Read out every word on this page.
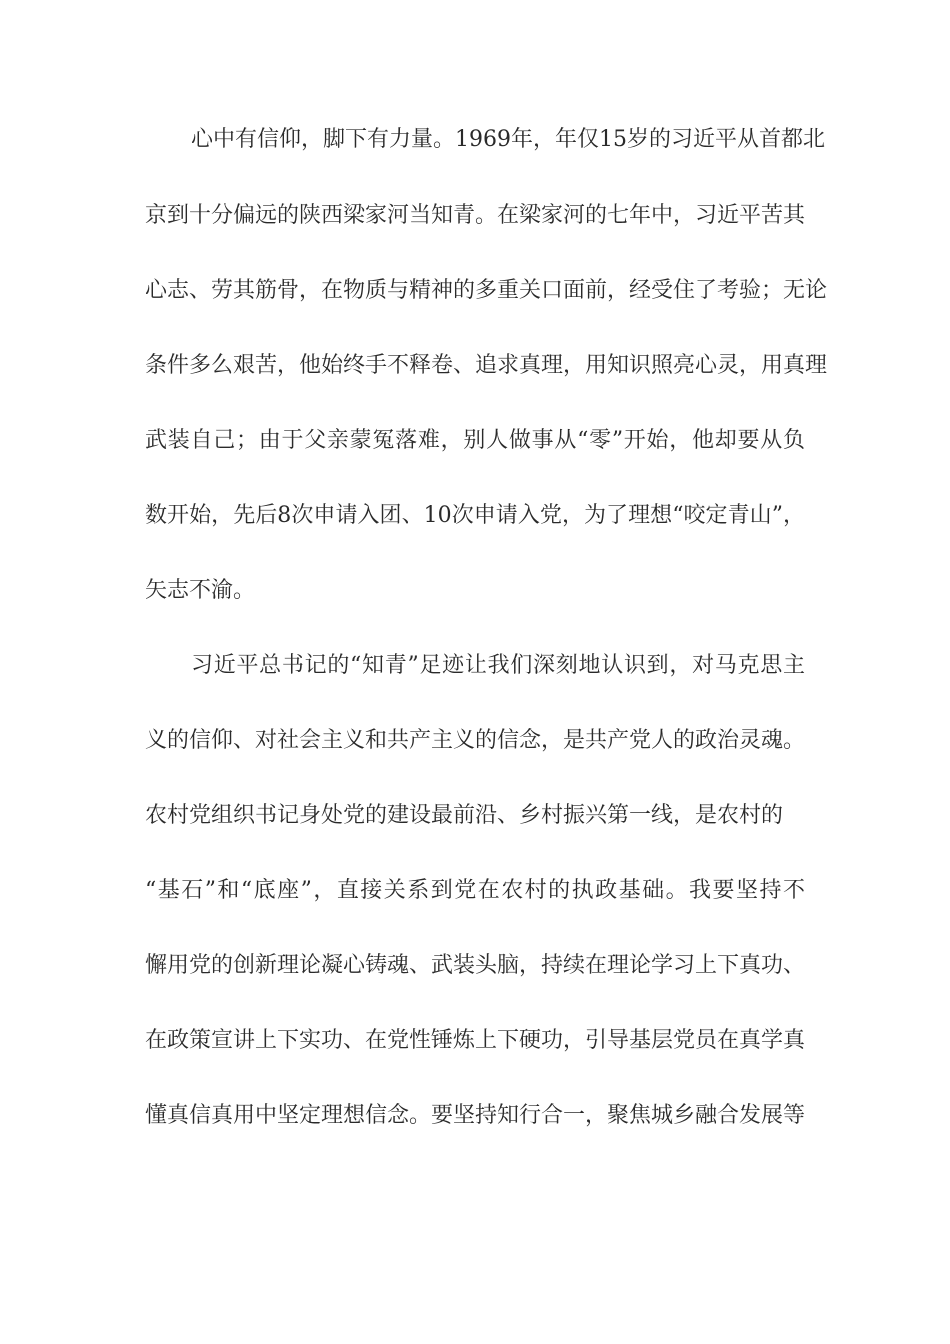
心中有信仰，脚下有力量。1969年，年仅15岁的习近平从首都北
京到十分偏远的陕西梁家河当知青。在梁家河的七年中，习近平苦其
心志、劳其筋骨，在物质与精神的多重关口面前，经受住了考验；无论
条件多么艰苦，他始终手不释卷、追求真理，用知识照亮心灵，用真理
武装自己；由于父亲蒙冤落难，别人做事从“零”开始，他却要从负
数开始，先后8次申请入团、10次申请入党，为了理想“咬定青山”，
矢志不渝。
习近平总书记的“知青”足迹让我们深刻地认识到，对马克思主
义的信仰、对社会主义和共产主义的信念，是共产党人的政治灵魂。
农村党组织书记身处党的建设最前沿、乡村振兴第一线，是农村的
“基石”和“底座”，直接关系到党在农村的执政基础。我要坚持不
懈用党的创新理论凝心铸魂、武装头脑，持续在理论学习上下真功、
在政策宣讲上下实功、在党性锤炼上下硬功，引导基层党员在真学真
懂真信真用中坚定理想信念。要坚持知行合一，聚焦城乡融合发展等
